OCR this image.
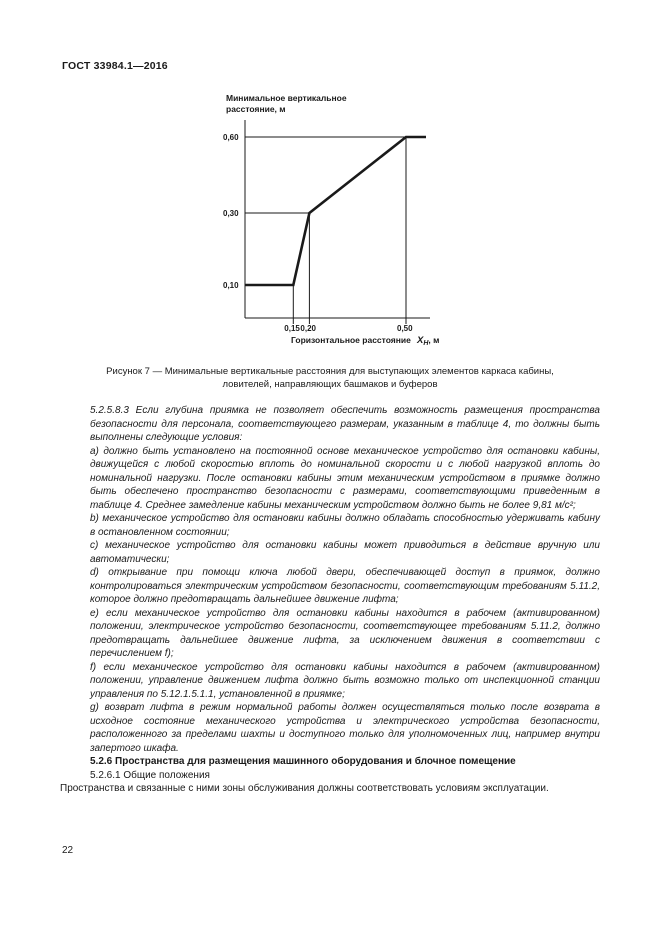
ГОСТ 33984.1—2016
Минимальное вертикальное
расстояние, м
0,10
0,30
0,60
0,15 0,20	0,50
Горизонтальное расстояние $X_H$, м
Рисунок 7 — Минимальные вертикальные расстояния для выступающих элементов каркаса кабины,
ловителей, направляющих башмаков и буферов

5.2.5.8.3 Если глубина приямка не позволяет обеспечить возможность размещения пространства безопасности для персонала, соответствующего размерам, указанным в таблице 4, то должны быть выполнены следующие условия:

а) должно быть установлено на постоянной основе механическое устройство для остановки кабины, движущейся с любой скоростью вплоть до номинальной скорости и с любой нагрузкой вплоть до номинальной нагрузки. После остановки кабины этим механическим устройством в приямке должно быть обеспечено пространство безопасности с размерами, соответствующими приведенным в таблице 4. Среднее замедление кабины механическим устройством должно быть не более 9,81 м/с²;

b) механическое устройство для остановки кабины должно обладать способностью удерживать кабину в остановленном состоянии;

с) механическое устройство для остановки кабины может приводиться в действие вручную или автоматически;

d) открывание при помощи ключа любой двери, обеспечивающей доступ в приямок, должно контролироваться электрическим устройством безопасности, соответствующим требованиям 5.11.2, которое должно предотвращать дальнейшее движение лифта;

е) если механическое устройство для остановки кабины находится в рабочем (активированном) положении, электрическое устройство безопасности, соответствующее требованиям 5.11.2, должно предотвращать дальнейшее движение лифта, за исключением движения в соответствии с перечислением f);

f) если механическое устройство для остановки кабины находится в рабочем (активированном) положении, управление движением лифта должно быть возможно только от инспекционной станции управления по 5.12.1.5.1.1, установленной в приямке;

g) возврат лифта в режим нормальной работы должен осуществляться только после возврата в исходное состояние механического устройства и электрического устройства безопасности, расположенного за пределами шахты и доступного только для уполномоченных лиц, например внутри запертого шкафа.

5.2.6 Пространства для размещения машинного оборудования и блочное помещение

5.2.6.1 Общие положения

Пространства и связанные с ними зоны обслуживания должны соответствовать условиям эксплуатации.

22
